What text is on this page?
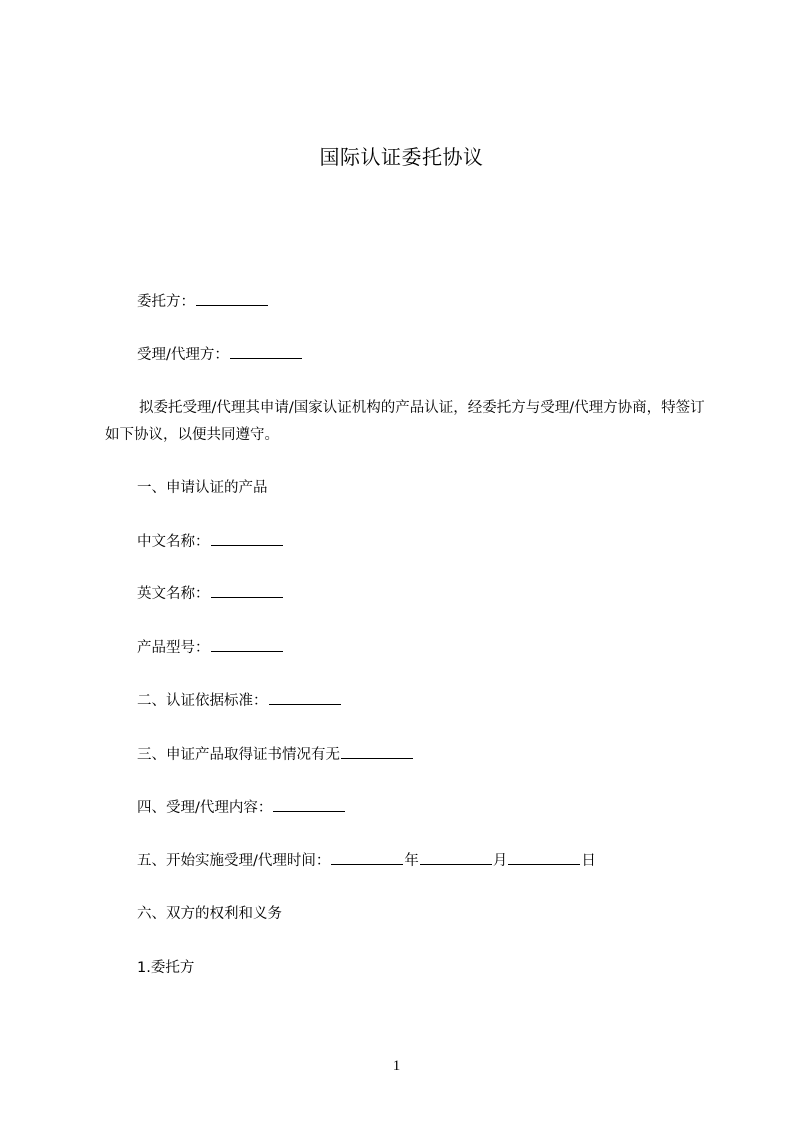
国际认证委托协议
委托方：
受理/代理方：
拟委托受理/代理其申请/国家认证机构的产品认证，经委托方与受理/代理方协商，特签订如下协议，以便共同遵守。
一、申请认证的产品
中文名称：
英文名称：
产品型号：
二、认证依据标准：
三、申证产品取得证书情况有无
四、受理/代理内容：
五、开始实施受理/代理时间：	年	月	日
六、双方的权利和义务
1.委托方
1
